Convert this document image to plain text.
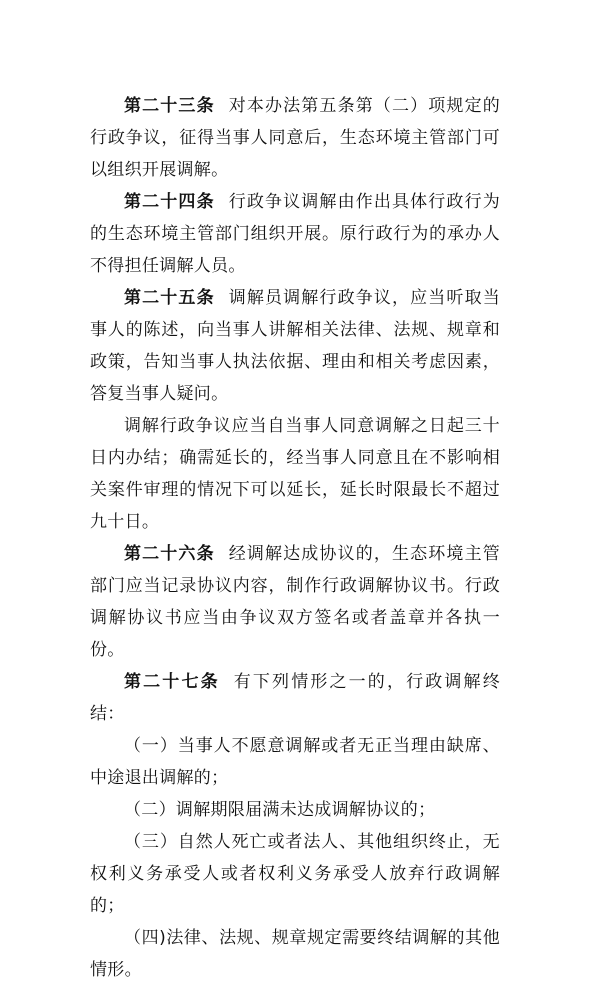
第二十三条 对本办法第五条第（二）项规定的行政争议，征得当事人同意后，生态环境主管部门可以组织开展调解。

第二十四条 行政争议调解由作出具体行政行为的生态环境主管部门组织开展。原行政行为的承办人不得担任调解人员。

第二十五条 调解员调解行政争议，应当听取当事人的陈述，向当事人讲解相关法律、法规、规章和政策，告知当事人执法依据、理由和相关考虑因素，答复当事人疑问。

调解行政争议应当自当事人同意调解之日起三十日内办结；确需延长的，经当事人同意且在不影响相关案件审理的情况下可以延长，延长时限最长不超过九十日。

第二十六条 经调解达成协议的，生态环境主管部门应当记录协议内容，制作行政调解协议书。行政调解协议书应当由争议双方签名或者盖章并各执一份。

第二十七条 有下列情形之一的，行政调解终结：

（一）当事人不愿意调解或者无正当理由缺席、中途退出调解的；

（二）调解期限届满未达成调解协议的；

（三）自然人死亡或者法人、其他组织终止，无权利义务承受人或者权利义务承受人放弃行政调解的；

（四)法律、法规、规章规定需要终结调解的其他情形。
